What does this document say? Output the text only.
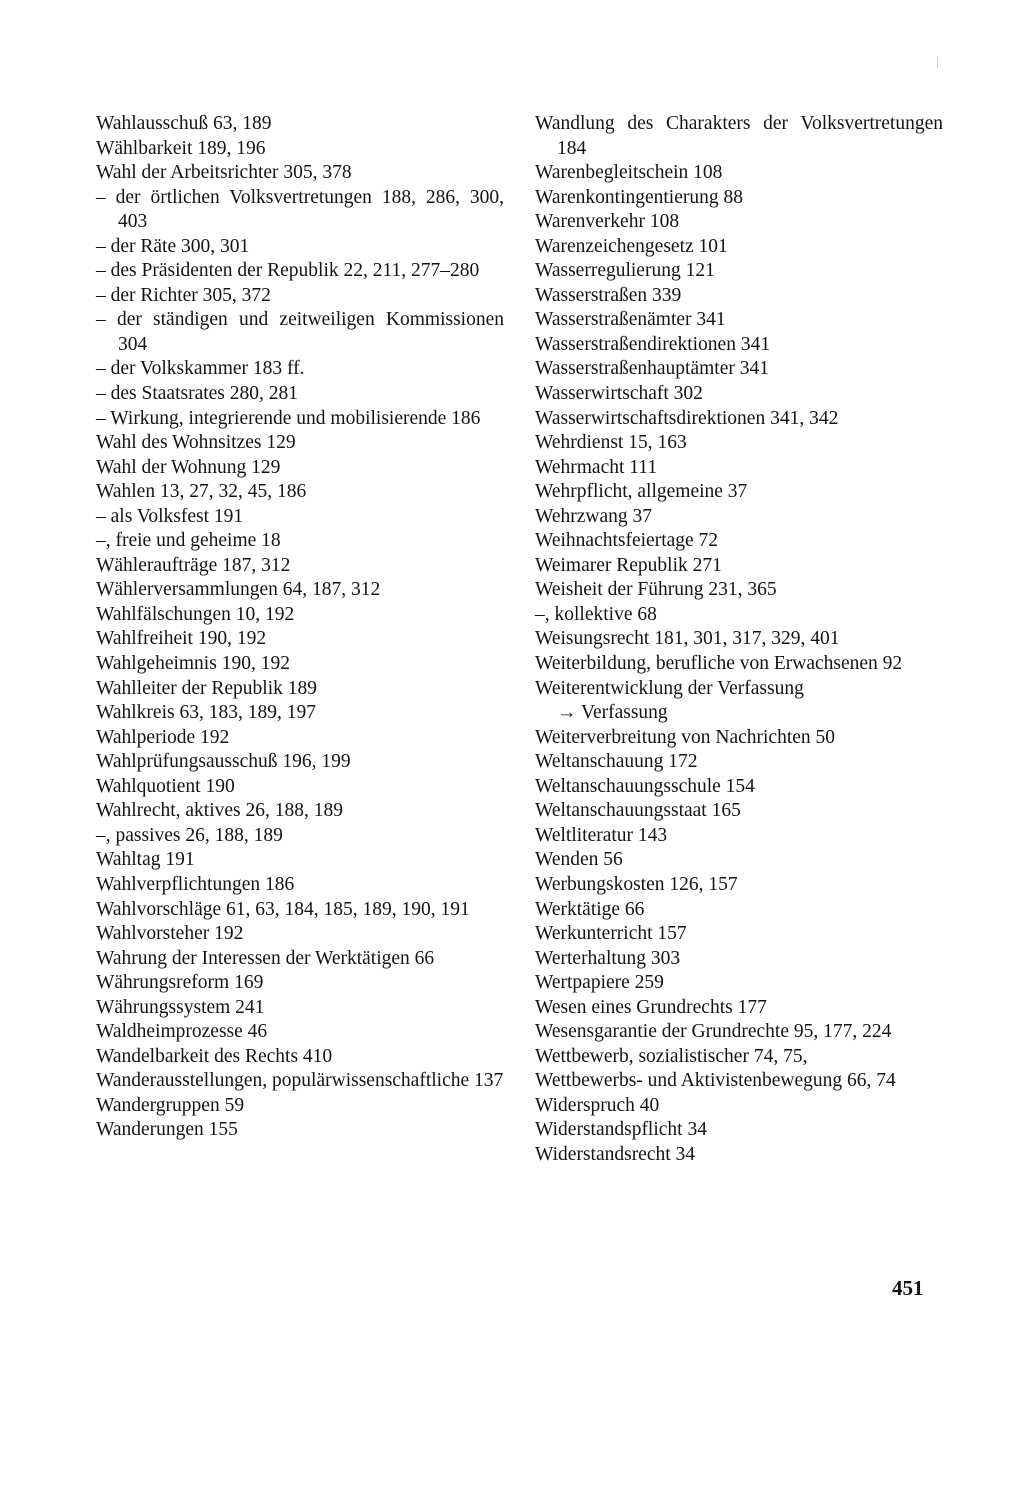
Wahlausschuß 63, 189

Wählbarkeit 189, 196

Wahl der Arbeitsrichter 305, 378

– der örtlichen Volksvertretungen 188, 286, 300, 403

– der Räte 300, 301

– des Präsidenten der Republik 22, 211, 277–280

– der Richter 305, 372

– der ständigen und zeitweiligen Kommissionen 304

– der Volkskammer 183 ff.

– des Staatsrates 280, 281

– Wirkung, integrierende und mobilisierende 186

Wahl des Wohnsitzes 129

Wahl der Wohnung 129

Wahlen 13, 27, 32, 45, 186

– als Volksfest 191

–, freie und geheime 18

Wähleraufträge 187, 312

Wählerversammlungen 64, 187, 312

Wahlfälschungen 10, 192

Wahlfreiheit 190, 192

Wahlgeheimnis 190, 192

Wahlleiter der Republik 189

Wahlkreis 63, 183, 189, 197

Wahlperiode 192

Wahlprüfungsausschuß 196, 199

Wahlquotient 190

Wahlrecht, aktives 26, 188, 189

–, passives 26, 188, 189

Wahltag 191

Wahlverpflichtungen 186

Wahlvorschläge 61, 63, 184, 185, 189, 190, 191

Wahlvorsteher 192

Wahrung der Interessen der Werktätigen 66

Währungsreform 169

Währungssystem 241

Waldheimprozesse 46

Wandelbarkeit des Rechts 410

Wanderausstellungen, populärwissenschaftliche 137

Wandergruppen 59

Wanderungen 155

Wandlung des Charakters der Volksvertretungen 184

Warenbegleitschein 108

Warenkontingentierung 88

Warenverkehr 108

Warenzeichengesetz 101

Wasserregulierung 121

Wasserstraßen 339

Wasserstraßenämter 341

Wasserstraßendirektionen 341

Wasserstraßenhauptämter 341

Wasserwirtschaft 302

Wasserwirtschaftsdirektionen 341, 342

Wehrdienst 15, 163

Wehrmacht 111

Wehrpflicht, allgemeine 37

Wehrzwang 37

Weihnachtsfeiertage 72

Weimarer Republik 271

Weisheit der Führung 231, 365

–, kollektive 68

Weisungsrecht 181, 301, 317, 329, 401

Weiterbildung, berufliche von Erwachsenen 92

Weiterentwicklung der Verfassung

→ Verfassung

Weiterverbreitung von Nachrichten 50

Weltanschauung 172

Weltanschauungsschule 154

Weltanschauungsstaat 165

Weltliteratur 143

Wenden 56

Werbungskosten 126, 157

Werktätige 66

Werkunterricht 157

Werterhaltung 303

Wertpapiere 259

Wesen eines Grundrechts 177

Wesensgarantie der Grundrechte 95, 177, 224

Wettbewerb, sozialistischer 74, 75,

Wettbewerbs- und Aktivistenbewegung 66, 74

Widerspruch 40

Widerstandspflicht 34

Widerstandsrecht 34

451
